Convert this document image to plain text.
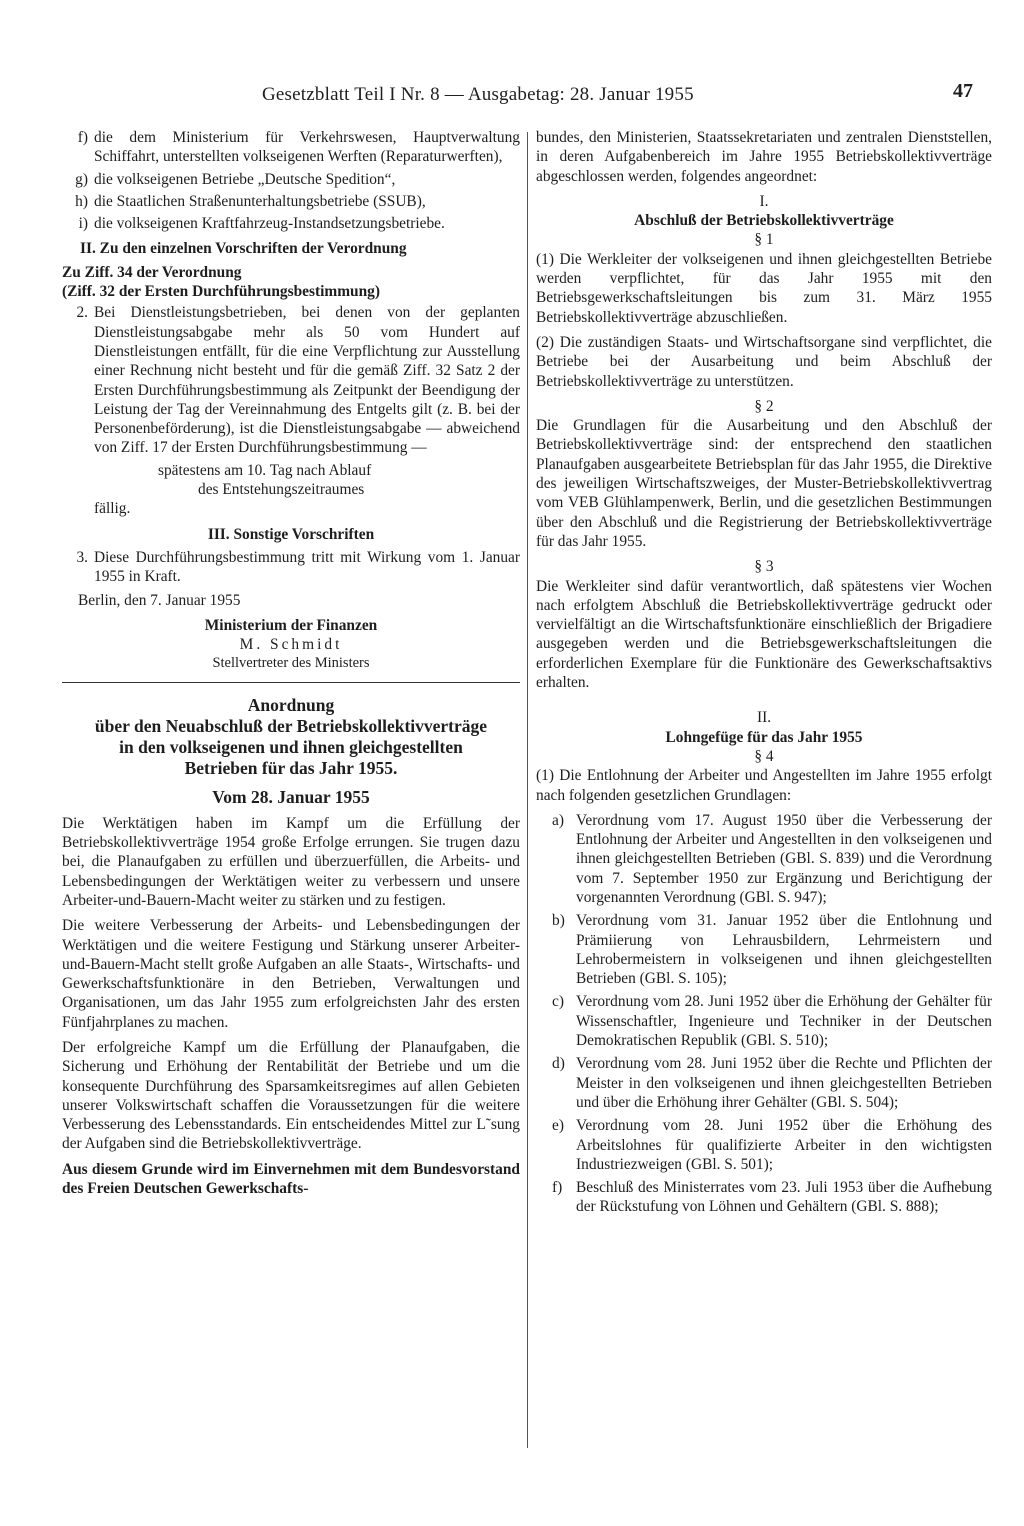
Gesetzblatt Teil I Nr. 8 — Ausgabetag: 28. Januar 1955	47
f) die dem Ministerium für Verkehrswesen, Hauptverwaltung Schiffahrt, unterstellten volkseigenen Werften (Reparaturwerften),
g) die volkseigenen Betriebe „Deutsche Spedition“,
h) die Staatlichen Straßenunterhaltungsbetriebe (SSUB),
i) die volkseigenen Kraftfahrzeug-Instandsetzungsbetriebe.
II. Zu den einzelnen Vorschriften der Verordnung
Zu Ziff. 34 der Verordnung
(Ziff. 32 der Ersten Durchführungsbestimmung)
2. Bei Dienstleistungsbetrieben, bei denen von der geplanten Dienstleistungsabgabe mehr als 50 vom Hundert auf Dienstleistungen entfällt, für die eine Verpflichtung zur Ausstellung einer Rechnung nicht besteht und für die gemäß Ziff. 32 Satz 2 der Ersten Durchführungsbestimmung als Zeitpunkt der Beendigung der Leistung der Tag der Vereinnahmung des Entgelts gilt (z. B. bei der Personenbeförderung), ist die Dienstleistungsabgabe — abweichend von Ziff. 17 der Ersten Durchführungsbestimmung —
spätestens am 10. Tag nach Ablauf
des Entstehungszeitraumes
fällig.
III. Sonstige Vorschriften
3. Diese Durchführungsbestimmung tritt mit Wirkung vom 1. Januar 1955 in Kraft.

Berlin, den 7. Januar 1955

Ministerium der Finanzen

M. Schmidt

Stellvertreter des Ministers

Anordnung

über den Neuabschluß der Betriebskollektivverträge

in den volkseigenen und ihnen gleichgestellten

Betrieben für das Jahr 1955.

Vom 28. Januar 1955

Die Werktätigen haben im Kampf um die Erfüllung der Betriebskollektivverträge 1954 große Erfolge errungen. Sie trugen dazu bei, die Planaufgaben zu erfüllen und überzuerfüllen, die Arbeits- und Lebensbedingungen der Werktätigen weiter zu verbessern und unsere Arbeiter-und-Bauern-Macht weiter zu stärken und zu festigen.

Die weitere Verbesserung der Arbeits- und Lebensbedingungen der Werktätigen und die weitere Festigung und Stärkung unserer Arbeiter-und-Bauern-Macht stellt große Aufgaben an alle Staats-, Wirtschafts- und Gewerkschaftsfunktionäre in den Betrieben, Verwaltungen und Organisationen, um das Jahr 1955 zum erfolgreichsten Jahr des ersten Fünfjahrplanes zu machen.

Der erfolgreiche Kampf um die Erfüllung der Planaufgaben, die Sicherung und Erhöhung der Rentabilität der Betriebe und um die konsequente Durchführung des Sparsamkeitsregimes auf allen Gebieten unserer Volkswirtschaft schaffen die Voraussetzungen für die weitere Verbesserung des Lebensstandards. Ein entscheidendes Mittel zur L˜sung der Aufgaben sind die Betriebskollektivverträge.

Aus diesem Grunde wird im Einvernehmen mit dem Bundesvorstand des Freien Deutschen Gewerkschafts-

bundes, den Ministerien, Staatssekretariaten und zentralen Dienststellen, in deren Aufgabenbereich im Jahre 1955 Betriebskollektivverträge abgeschlossen werden, folgendes angeordnet:

I.
Abschluß der Betriebskollektivverträge
§ 1

(1) Die Werkleiter der volkseigenen und ihnen gleichgestellten Betriebe werden verpflichtet, für das Jahr 1955 mit den Betriebsgewerkschaftsleitungen bis zum 31. März 1955 Betriebskollektivverträge abzuschließen.

(2) Die zuständigen Staats- und Wirtschaftsorgane sind verpflichtet, die Betriebe bei der Ausarbeitung und beim Abschluß der Betriebskollektivverträge zu unterstützen.

§ 2

Die Grundlagen für die Ausarbeitung und den Abschluß der Betriebskollektivverträge sind: der entsprechend den staatlichen Planaufgaben ausgearbeitete Betriebsplan für das Jahr 1955, die Direktive des jeweiligen Wirtschaftszweiges, der Muster-Betriebskollektivvertrag vom VEB Glühlampenwerk, Berlin, und die gesetzlichen Bestimmungen über den Abschluß und die Registrierung der Betriebskollektivverträge für das Jahr 1955.

§ 3

Die Werkleiter sind dafür verantwortlich, daß spätestens vier Wochen nach erfolgtem Abschluß die Betriebskollektivverträge gedruckt oder vervielfältigt an die Wirtschaftsfunktionäre einschließlich der Brigadiere ausgegeben werden und die Betriebsgewerkschaftsleitungen die erforderlichen Exemplare für die Funktionäre des Gewerkschaftsaktivs erhalten.

II.
Lohngefüge für das Jahr 1955
§ 4

(1) Die Entlohnung der Arbeiter und Angestellten im Jahre 1955 erfolgt nach folgenden gesetzlichen Grundlagen:

a) Verordnung vom 17. August 1950 über die Verbesserung der Entlohnung der Arbeiter und Angestellten in den volkseigenen und ihnen gleichgestellten Betrieben (GBl. S. 839) und die Verordnung vom 7. September 1950 zur Ergänzung und Berichtigung der vorgenannten Verordnung (GBl. S. 947);
b) Verordnung vom 31. Januar 1952 über die Entlohnung und Prämiierung von Lehrausbildern, Lehrmeistern und Lehrobermeistern in volkseigenen und ihnen gleichgestellten Betrieben (GBl. S. 105);
c) Verordnung vom 28. Juni 1952 über die Erhöhung der Gehälter für Wissenschaftler, Ingenieure und Techniker in der Deutschen Demokratischen Republik (GBl. S. 510);
d) Verordnung vom 28. Juni 1952 über die Rechte und Pflichten der Meister in den volkseigenen und ihnen gleichgestellten Betrieben und über die Erhöhung ihrer Gehälter (GBl. S. 504);
e) Verordnung vom 28. Juni 1952 über die Erhöhung des Arbeitslohnes für qualifizierte Arbeiter in den wichtigsten Industriezweigen (GBl. S. 501);
f) Beschluß des Ministerrates vom 23. Juli 1953 über die Aufhebung der Rückstufung von Löhnen und Gehältern (GBl. S. 888);
